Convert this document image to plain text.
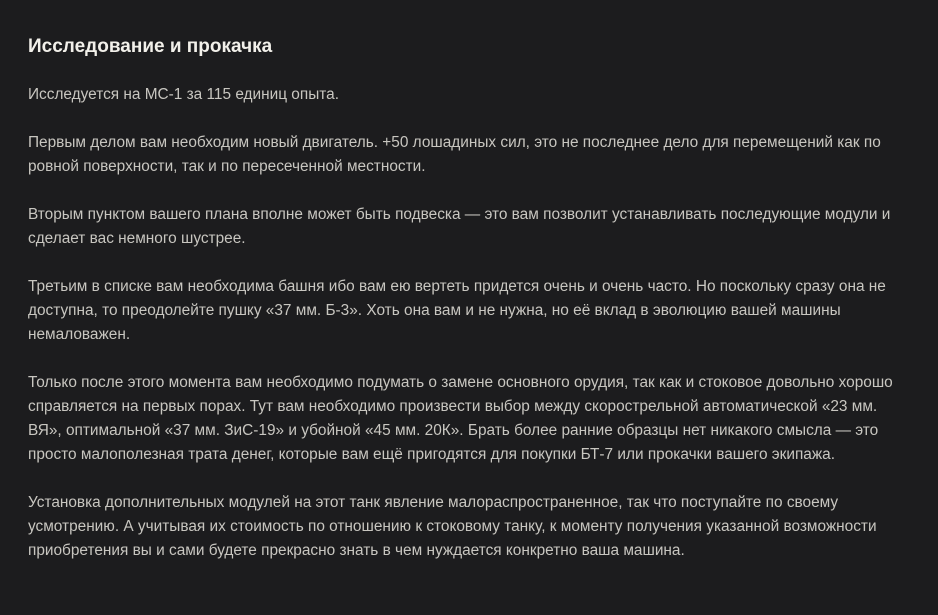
Исследование и прокачка

Исследуется на МС-1 за 115 единиц опыта.

Первым делом вам необходим новый двигатель. +50 лошадиных сил, это не последнее дело для перемещений как по ровной поверхности, так и по пересеченной местности.

Вторым пунктом вашего плана вполне может быть подвеска — это вам позволит устанавливать последующие модули и сделает вас немного шустрее.

Третьим в списке вам необходима башня ибо вам ею вертеть придется очень и очень часто. Но поскольку сразу она не доступна, то преодолейте пушку «37 мм. Б-3». Хоть она вам и не нужна, но её вклад в эволюцию вашей машины немаловажен.

Только после этого момента вам необходимо подумать о замене основного орудия, так как и стоковое довольно хорошо справляется на первых порах. Тут вам необходимо произвести выбор между скорострельной автоматической «23 мм. ВЯ», оптимальной «37 мм. ЗиС-19» и убойной «45 мм. 20К». Брать более ранние образцы нет никакого смысла — это просто малополезная трата денег, которые вам ещё пригодятся для покупки БТ-7 или прокачки вашего экипажа.

Установка дополнительных модулей на этот танк явление малораспространенное, так что поступайте по своему усмотрению. А учитывая их стоимость по отношению к стоковому танку, к моменту получения указанной возможности приобретения вы и сами будете прекрасно знать в чем нуждается конкретно ваша машина.
